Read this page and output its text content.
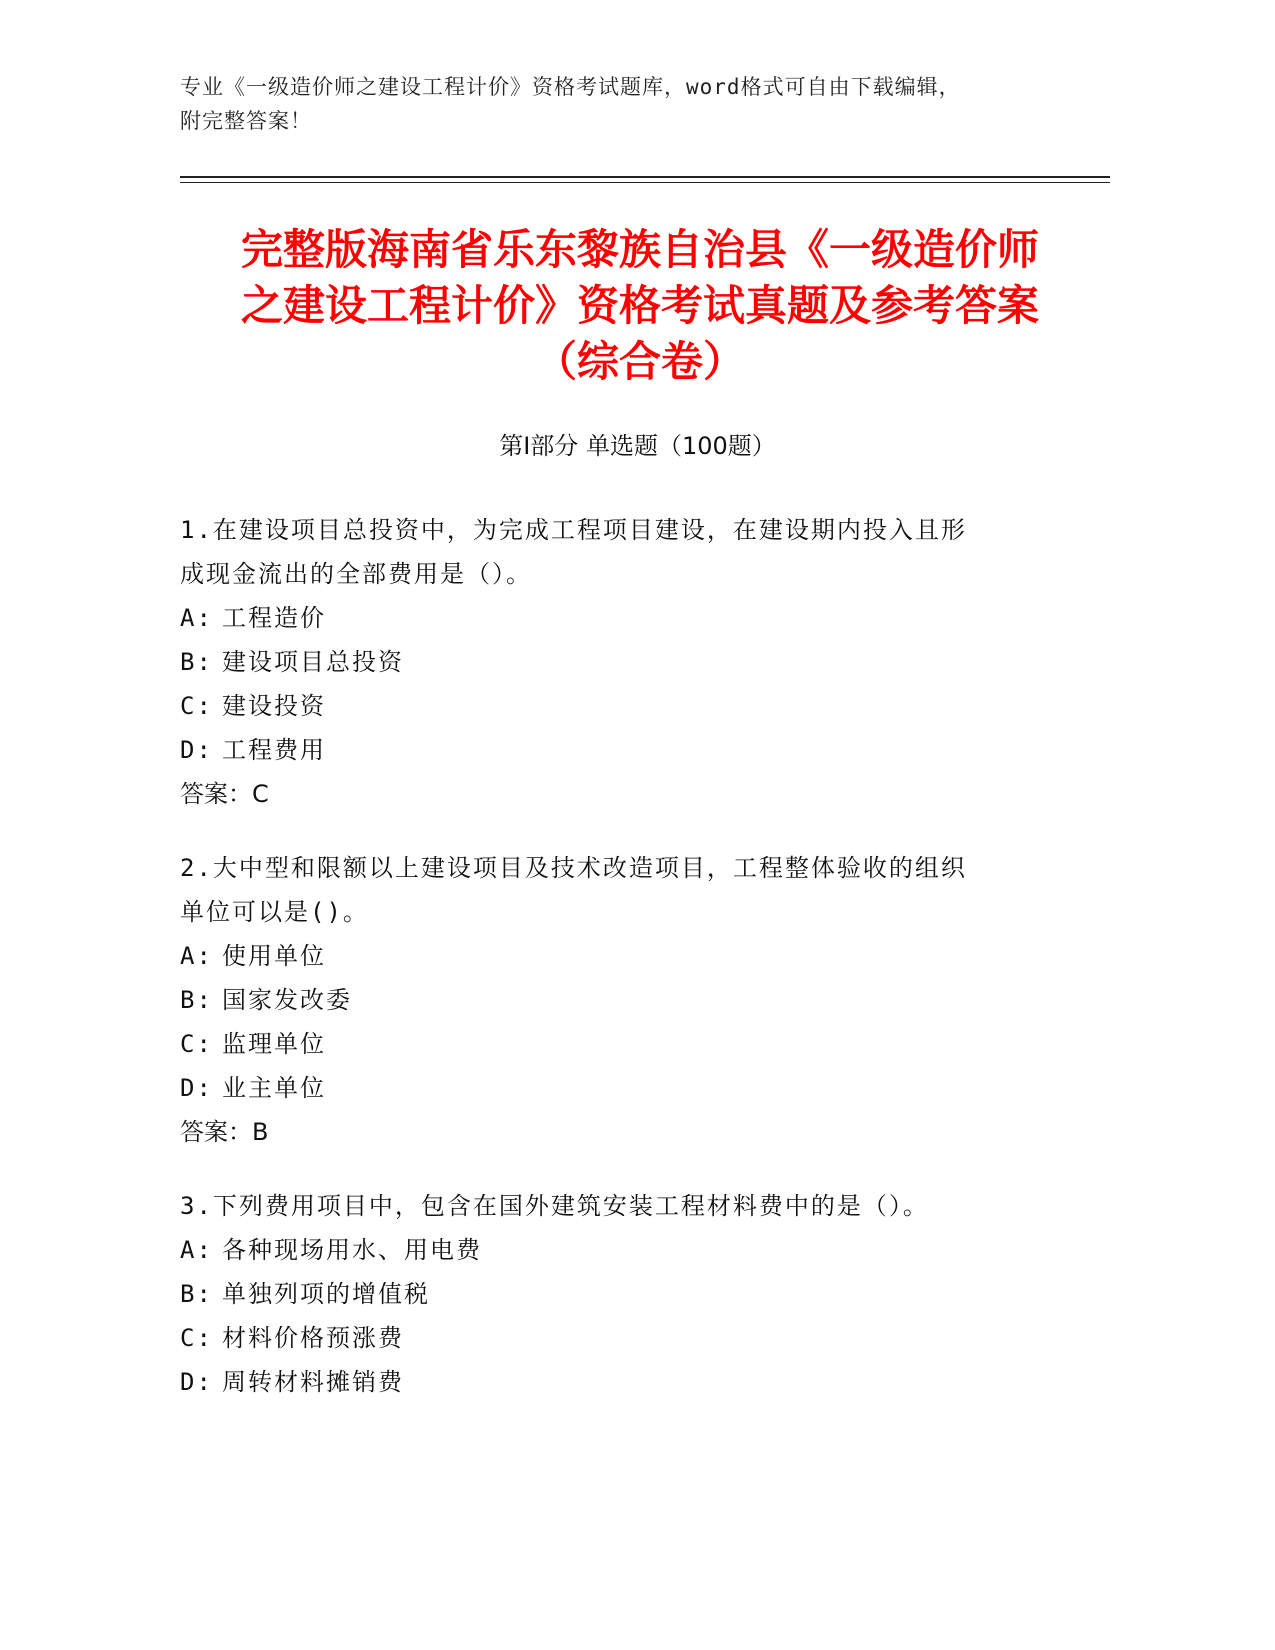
专业《一级造价师之建设工程计价》资格考试题库，word格式可自由下载编辑，
附完整答案！
完整版海南省乐东黎族自治县《一级造价师
之建设工程计价》资格考试真题及参考答案
（综合卷）
第Ⅰ部分 单选题（100题）
1.在建设项目总投资中，为完成工程项目建设，在建设期内投入且形
成现金流出的全部费用是（）。
A: 工程造价
B: 建设项目总投资
C: 建设投资
D: 工程费用
答案：C
2.大中型和限额以上建设项目及技术改造项目，工程整体验收的组织
单位可以是()。
A: 使用单位
B: 国家发改委
C: 监理单位
D: 业主单位
答案：B
3.下列费用项目中，包含在国外建筑安装工程材料费中的是（）。
A: 各种现场用水、用电费
B: 单独列项的增值税
C: 材料价格预涨费
D: 周转材料摊销费
